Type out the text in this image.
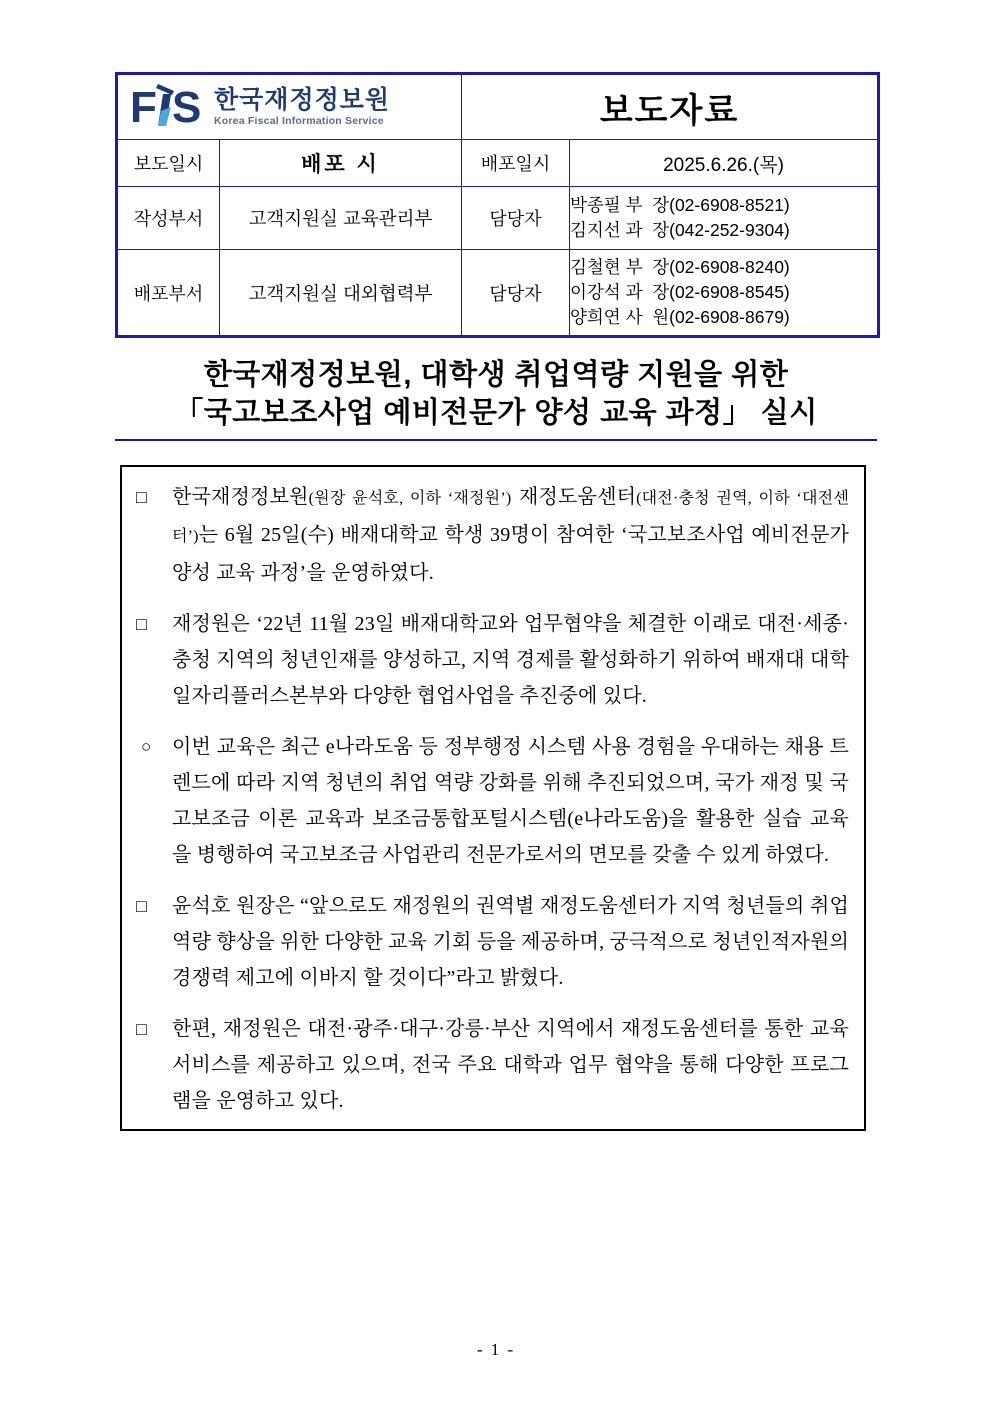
F S 한국재정정보원
Korea Fiscal Information Service		보도자료	
보도일시	배포 시	배포일시	2025.6.26.(목)
작성부서	고객지원실 교육관리부	담당자	박종필 부  장(02-6908-8521)
김지선 과  장(042-252-9304)

배포부서	고객지원실 대외협력부	담당자	김철현 부  장(02-6908-8240)
이강석 과  장(02-6908-8545)
양희연 사  원(02-6908-8679)
한국재정정보원, 대학생 취업역량 지원을 위한
「국고보조사업 예비전문가 양성 교육 과정」 실시
□	한국재정정보원(원장 윤석호, 이하 ‘재정원’) 재정도움센터(대전·충청 권역, 이하 ‘대전센터’)는 6월 25일(수) 배재대학교 학생 39명이 참여한 ‘국고보조사업 예비전문가 양성 교육 과정’을 운영하였다.
□	재정원은 ‘22년 11월 23일 배재대학교와 업무협약을 체결한 이래로 대전·세종·충청 지역의 청년인재를 양성하고, 지역 경제를 활성화하기 위하여 배재대 대학일자리플러스본부와 다양한 협업사업을 추진중에 있다.
○	이번 교육은 최근 e나라도움 등 정부행정 시스템 사용 경험을 우대하는 채용 트렌드에 따라 지역 청년의 취업 역량 강화를 위해 추진되었으며, 국가 재정 및 국고보조금 이론 교육과 보조금통합포털시스템(e나라도움)을 활용한 실습 교육을 병행하여 국고보조금 사업관리 전문가로서의 면모를 갖출 수 있게 하였다.
□	윤석호 원장은 “앞으로도 재정원의 권역별 재정도움센터가 지역 청년들의 취업역량 향상을 위한 다양한 교육 기회 등을 제공하며, 궁극적으로 청년인적자원의 경쟁력 제고에 이바지 할 것이다”라고 밝혔다.
□	한편, 재정원은 대전·광주·대구·강릉·부산 지역에서 재정도움센터를 통한 교육 서비스를 제공하고 있으며, 전국 주요 대학과 업무 협약을 통해 다양한 프로그램을 운영하고 있다.
- 1 -
